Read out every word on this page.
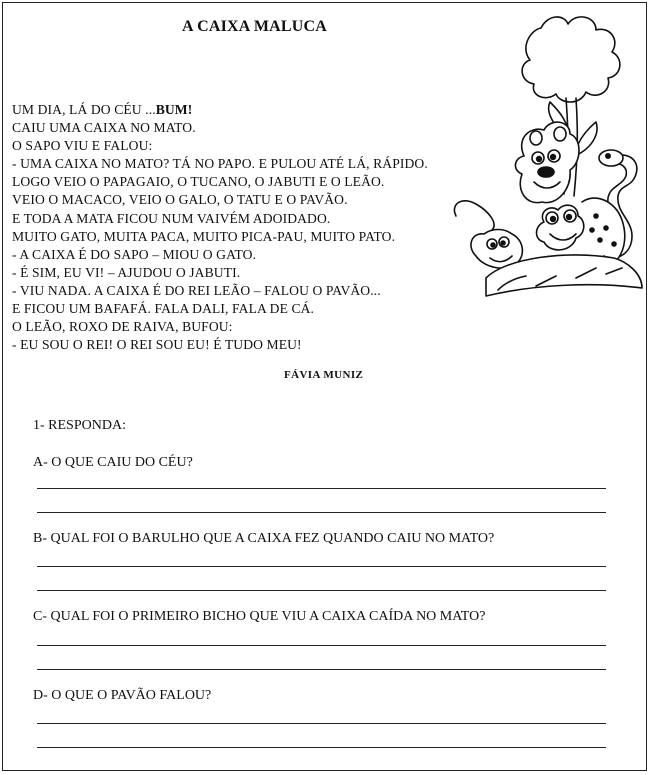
A CAIXA MALUCA
UM DIA, LÁ DO CÉU ...BUM!
CAIU UMA CAIXA NO MATO.
O SAPO VIU E FALOU:
- UMA CAIXA NO MATO? TÁ NO PAPO. E PULOU ATÉ LÁ, RÁPIDO.
LOGO VEIO O PAPAGAIO, O TUCANO, O JABUTI E O LEÃO.
VEIO O MACACO, VEIO O GALO, O TATU E O PAVÃO.
E TODA A MATA FICOU NUM VAIVÉM ADOIDADO.
MUITO GATO, MUITA PACA, MUITO PICA-PAU, MUITO PATO.
- A CAIXA É DO SAPO – MIOU O GATO.
- É SIM, EU VI! – AJUDOU O JABUTI.
- VIU NADA. A CAIXA É DO REI LEÃO – FALOU O PAVÃO...
E FICOU UM BAFAFÁ. FALA DALI, FALA DE CÁ.
O LEÃO, ROXO DE RAIVA, BUFOU:
- EU SOU O REI! O REI SOU EU! É TUDO MEU!
FÁVIA MUNIZ
1- RESPONDA:
A- O QUE CAIU DO CÉU?
B- QUAL FOI O BARULHO QUE A CAIXA FEZ QUANDO CAIU NO MATO?
C- QUAL FOI O PRIMEIRO BICHO QUE VIU A CAIXA CAÍDA NO MATO?
D- O QUE O PAVÃO FALOU?
